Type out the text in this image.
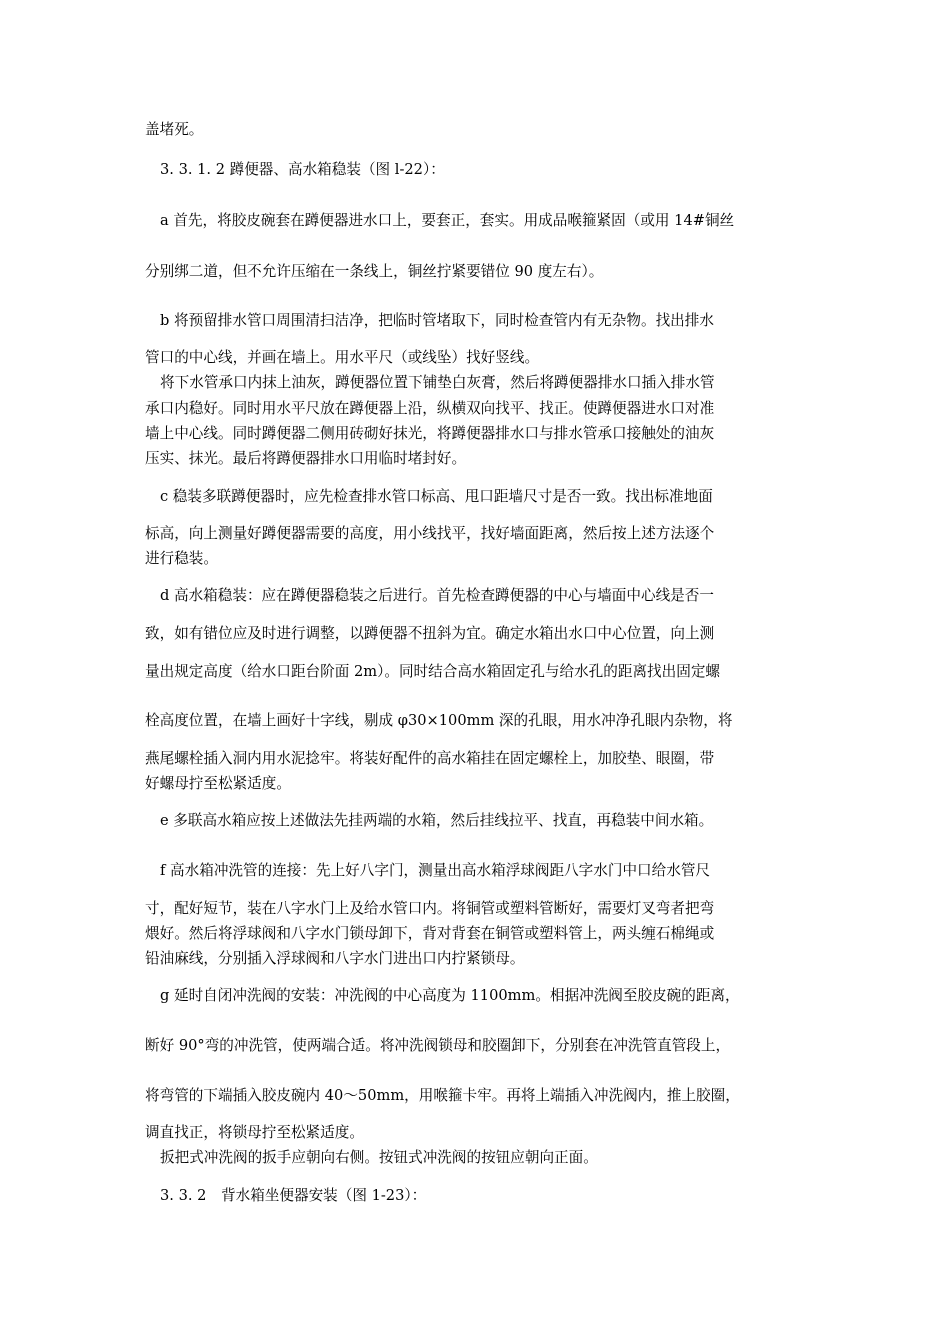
盖堵死。
3. 3. 1. 2 蹲便器、高水箱稳装（图 l-22）：
a 首先，将胶皮碗套在蹲便器进水口上，要套正，套实。用成品喉箍紧固（或用 14#铜丝
分别绑二道，但不允许压缩在一条线上，铜丝拧紧要错位 90 度左右）。
b 将预留排水管口周围清扫洁净，把临时管堵取下，同时检查管内有无杂物。找出排水
管口的中心线，并画在墙上。用水平尺（或线坠）找好竖线。
将下水管承口内抹上油灰，蹲便器位置下铺垫白灰膏，然后将蹲便器排水口插入排水管
承口内稳好。同时用水平尺放在蹲便器上沿，纵横双向找平、找正。使蹲便器进水口对准
墙上中心线。同时蹲便器二侧用砖砌好抹光，将蹲便器排水口与排水管承口接触处的油灰
压实、抹光。最后将蹲便器排水口用临时堵封好。
c 稳装多联蹲便器时，应先检查排水管口标高、甩口距墙尺寸是否一致。找出标准地面
标高，向上测量好蹲便器需要的高度，用小线找平，找好墙面距离，然后按上述方法逐个
进行稳装。
d 高水箱稳装：应在蹲便器稳装之后进行。首先检查蹲便器的中心与墙面中心线是否一
致，如有错位应及时进行调整，以蹲便器不扭斜为宜。确定水箱出水口中心位置，向上测
量出规定高度（给水口距台阶面 2m）。同时结合高水箱固定孔与给水孔的距离找出固定螺
栓高度位置，在墙上画好十字线，剔成 φ30×100mm 深的孔眼，用水冲净孔眼内杂物，将
燕尾螺栓插入洞内用水泥捻牢。将装好配件的高水箱挂在固定螺栓上，加胶垫、眼圈，带
好螺母拧至松紧适度。
e 多联高水箱应按上述做法先挂两端的水箱，然后挂线拉平、找直，再稳装中间水箱。
f 高水箱冲洗管的连接：先上好八字门，测量出高水箱浮球阀距八字水门中口给水管尺
寸，配好短节，装在八字水门上及给水管口内。将铜管或塑料管断好，需要灯叉弯者把弯
煨好。然后将浮球阀和八字水门锁母卸下，背对背套在铜管或塑料管上，两头缠石棉绳或
铅油麻线，分别插入浮球阀和八字水门进出口内拧紧锁母。
g 延时自闭冲洗阀的安装：冲洗阀的中心高度为 1100mm。相据冲洗阀至胶皮碗的距离，
断好 90°弯的冲洗管，使两端合适。将冲洗阀锁母和胶圈卸下，分别套在冲洗管直管段上，
将弯管的下端插入胶皮碗内 40～50mm，用喉箍卡牢。再将上端插入冲洗阀内，推上胶圈，
调直找正，将锁母拧至松紧适度。
扳把式冲洗阀的扳手应朝向右侧。按钮式冲洗阀的按钮应朝向正面。
3. 3. 2　背水箱坐便器安装（图 1-23）：
